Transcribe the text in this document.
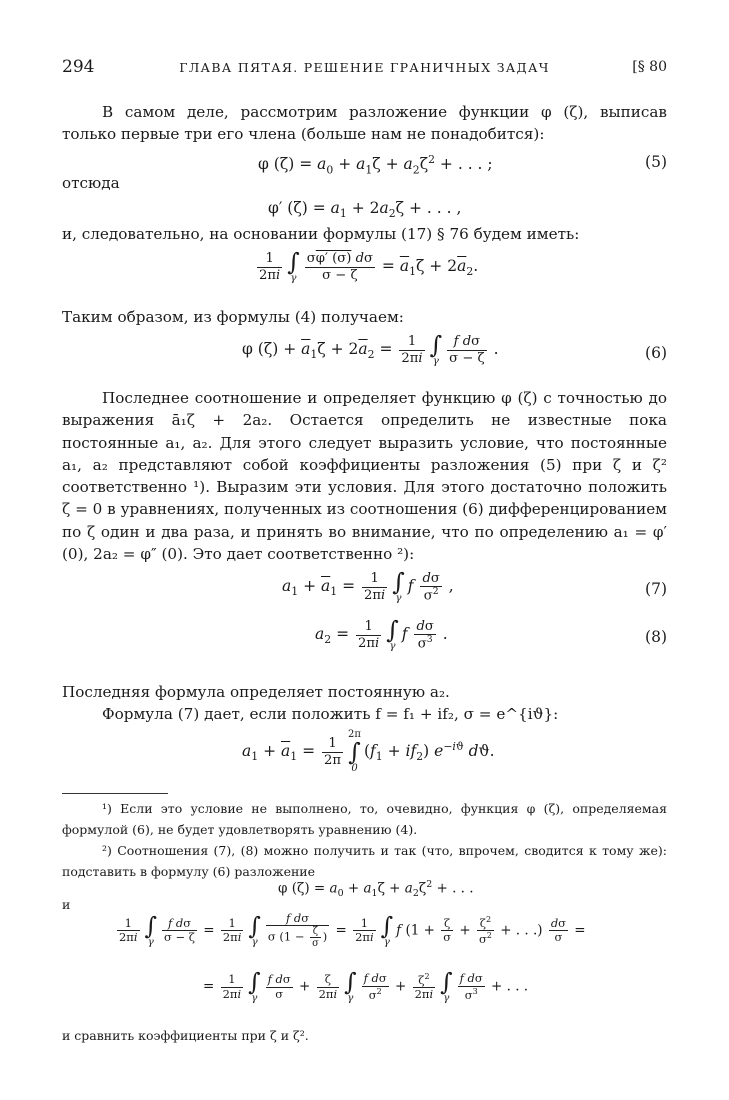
294	ГЛАВА ПЯТАЯ. РЕШЕНИЕ ГРАНИЧНЫХ ЗАДАЧ	[§ 80
В самом деле, рассмотрим разложение функции φ (ζ), выписав только первые три его члена (больше нам не понадобится):
φ $(\zeta) = a_0 + a_1\zeta + a_2\zeta^2$ + . . . ;	(5)
отсюда
φ′ $(\zeta) = a_1 + 2a_2\zeta$ + . . . ,
и, следовательно, на основании формулы (17) § 76 будем иметь:
$\frac{1}{2\pi i}$ ∫
γ $\frac{\sigma\varphi' (\sigma) d\sigma}{\sigma - \zeta} = \overline{a}_1\zeta + 2\overline{a}_2$.
Таким образом, из формулы (4) получаем:
φ $(\zeta) + \overline{a}_1\zeta + 2\overline{a}_2 = \frac{1}{2\pi i}$ ∫
γ $\frac{\text{f dσ}}{\sigma - \zeta}$ .	(6)
Последнее соотношение и определяет функцию φ (ζ) с точностью до выражения ā₁ζ + 2a₂. Остается определить не известные пока постоянные a₁, a₂. Для этого следует выразить условие, что постоянные a₁, a₂ представляют собой коэффициенты разложения (5) при ζ и ζ² соответственно ¹). Выразим эти условия. Для этого достаточно положить ζ = 0 в уравнениях, полученных из соотношения (6) дифференцированием по ζ один и два раза, и принять во внимание, что по определению a₁ = φ′ (0), 2a₂ = φ″ (0). Это дает соответственно ²):
$a_1 + \overline{a}_1 = \frac{1}{2\pi i}$ ∫
γ
f $\frac{d\sigma}{\sigma^2}$ ,	(7)
$a_2 = \frac{1}{2\pi i}$ ∫
γ
f $\frac{d\sigma}{\sigma^3}$ .	(8)
Последняя формула определяет постоянную a₂.
Формула (7) дает, если положить f = f₁ + if₂, σ = e^{iϑ}:
$a_1 + \overline{a}_1 = \frac{1}{2\pi}$
2π
∫
0
$(f_1 + if_2)$ $e^{-iϑ}$ dϑ.
¹) Если это условие не выполнено, то, очевидно, функция φ (ζ), определяемая формулой (6), не будет удовлетворять уравнению (4).
²) Соотношения (7), (8) можно получить и так (что, впрочем, сводится к тому же): подставить в формулу (6) разложение
φ $(\zeta) = a_0 + a_1\zeta + a_2\zeta^2$ + . . .
и
$\frac{1}{2\pi i}$ ∫
γ $\frac{\text{f dσ}}{\sigma - \zeta} = \frac{1}{2\pi i}$ ∫
γ $\frac{\text{f dσ}}{\sigma (1 - \frac{\zeta}{\sigma} )} = \frac{1}{2\pi i}$ ∫
γ
f ($1 + \frac{\zeta}{\sigma} + \frac{\zeta^2}{\sigma^2}$ + . . .) $\frac{d\sigma}{\sigma}$ =
= $\frac{1}{2\pi i}$ ∫
γ $\frac{\text{f dσ}}{\sigma} + \frac{\zeta}{2\pi i}$ ∫
γ $\frac{\text{f dσ}}{\sigma^2} + \frac{\zeta^2}{2\pi i}$ ∫
γ $\frac{\text{f dσ}}{\sigma^3}$ + . . .
и сравнить коэффициенты при ζ и ζ².
